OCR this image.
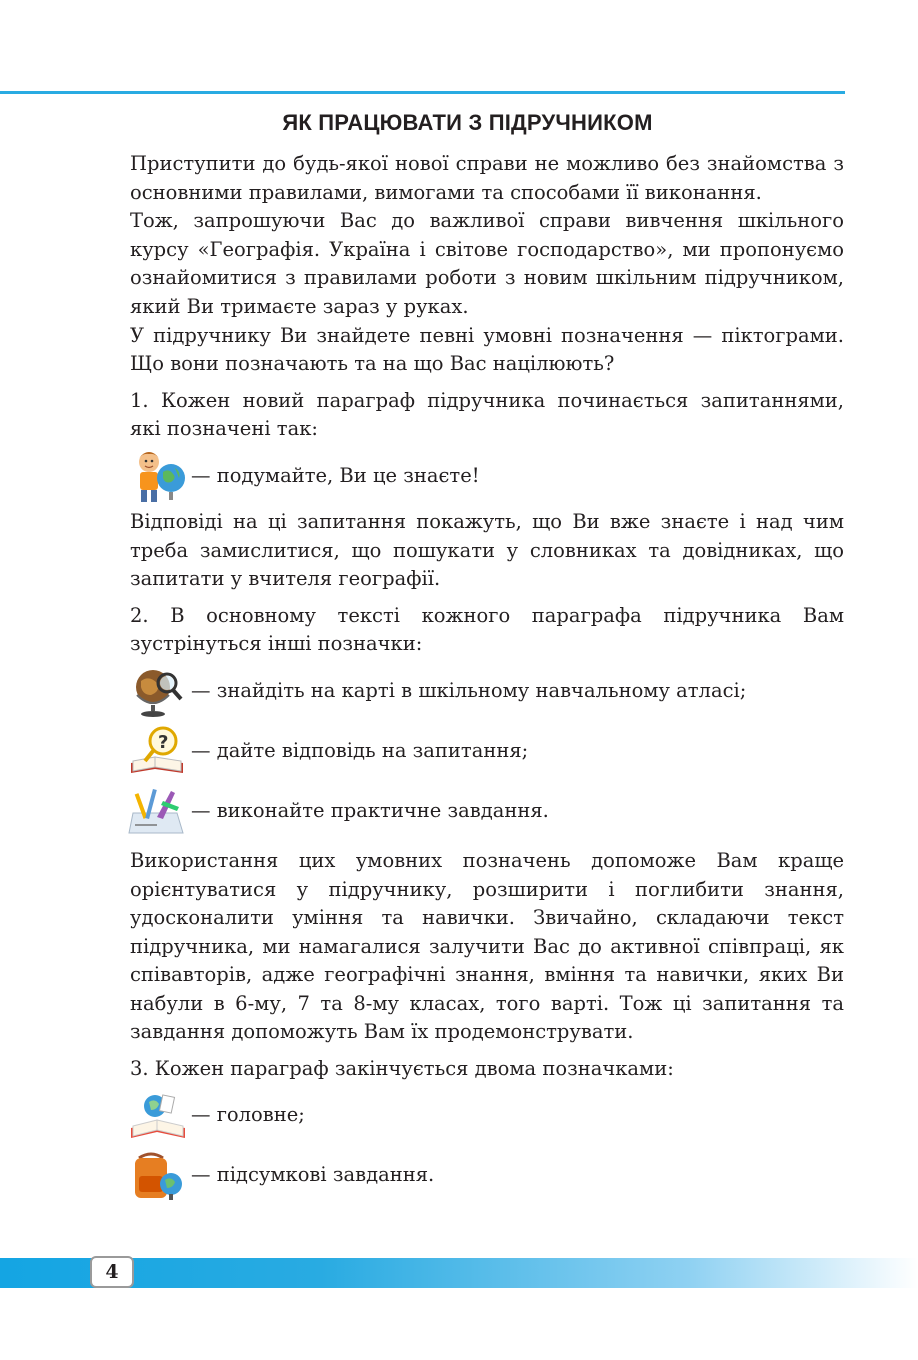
ЯК ПРАЦЮВАТИ З ПІДРУЧНИКОМ

Приступити до будь-якої нової справи не можливо без знайомства з основними правилами, вимогами та способами її виконання.

Тож, запрошуючи Вас до важливої справи вивчення шкільного курсу «Географія. Україна і світове господарство», ми пропонуємо ознайомитися з правилами роботи з новим шкільним підручником, який Ви тримаєте зараз у руках.

У підручнику Ви знайдете певні умовні позначення — піктограми. Що вони позначають та на що Вас націлюють?

1. Кожен новий параграф підручника починається запитаннями, які позначені так:

— подумайте, Ви це знаєте!

Відповіді на ці запитання покажуть, що Ви вже знаєте і над чим треба замислитися, що пошукати у словниках та довідниках, що запитати у вчителя географії.

2. В основному тексті кожного параграфа підручника Вам зустрінуться інші позначки:

— знайдіть на карті в шкільному навчальному атласі;
? — дайте відповідь на запитання;
— виконайте практичне завдання.

Використання цих умовних позначень допоможе Вам краще орієнтуватися у підручнику, розширити і поглибити знання, удосконалити уміння та навички. Звичайно, складаючи текст підручника, ми намагалися залучити Вас до активної співпраці, як співавторів, адже географічні знання, вміння та навички, яких Ви набули в 6-му, 7 та 8-му класах, того варті. Тож ці запитання та завдання допоможуть Вам їх продемонструвати.

3. Кожен параграф закінчується двома позначками:

— головне;
— підсумкові завдання.
4
